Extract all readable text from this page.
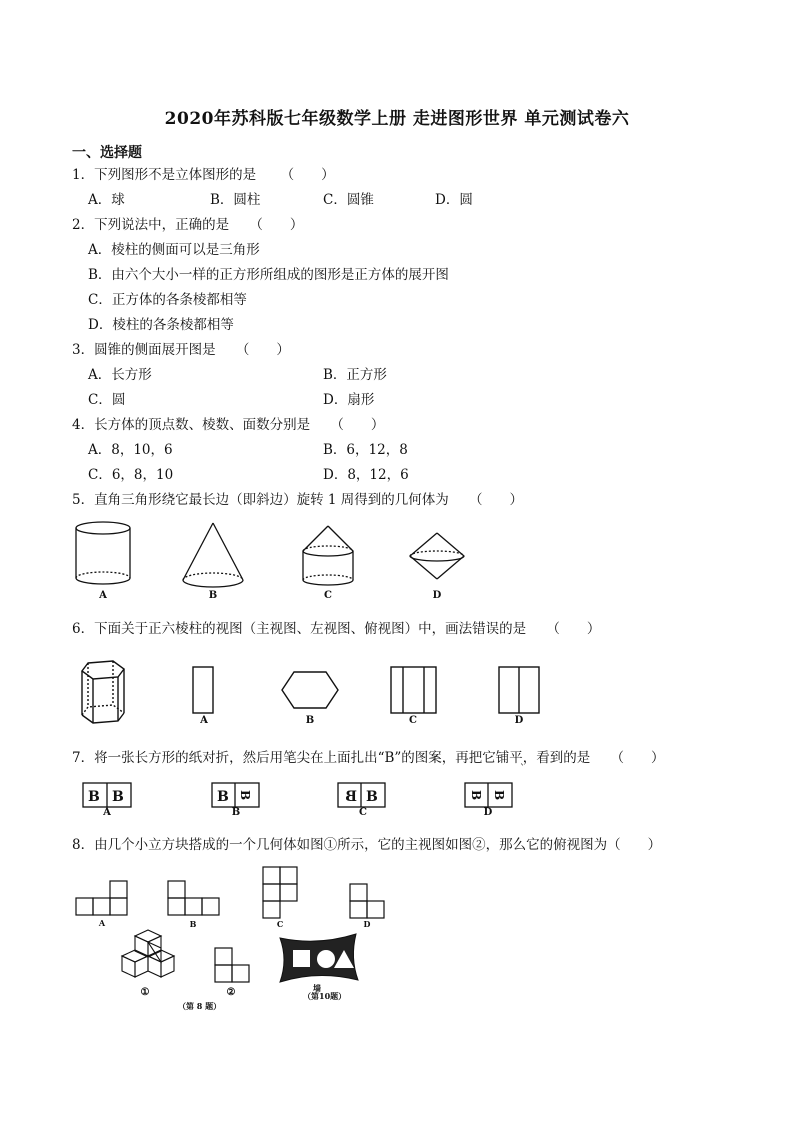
2020年苏科版七年级数学上册 走进图形世界 单元测试卷六
一、选择题
1．下列图形不是立体图形的是 　　（　　）
A．球	B．圆柱	C．圆锥	D．圆
2．下列说法中，正确的是　　（　　）
A．棱柱的侧面可以是三角形
B．由六个大小一样的正方形所组成的图形是正方体的展开图
C．正方体的各条棱都相等
D．棱柱的各条棱都相等
3．圆锥的侧面展开图是　　（　　）
A．长方形	B．正方形
C．圆	D．扇形
4．长方体的顶点数、棱数、面数分别是　　（　　）
A．8，10，6	B．6，12，8
C．6，8，10	D．8，12，6
5．直角三角形绕它最长边（即斜边）旋转 1 周得到的几何体为　　（　　）
A	B	C	D
6．下面关于正六棱柱的视图（主视图、左视图、俯视图）中，画法错误的是　　（　　）
A	B	C	D
7．将一张长方形的纸对折，然后用笔尖在上面扎出“B”的图案，再把它铺平，看到的是　　（　　）
`
B B	B B	B B	B B
A	B	C	D
8．由几个小立方块搭成的一个几何体如图①所示，它的主视图如图②，那么它的俯视图为（　　）
A	B	C	D
①	②	墙
（第 8 题）
（第10题）
